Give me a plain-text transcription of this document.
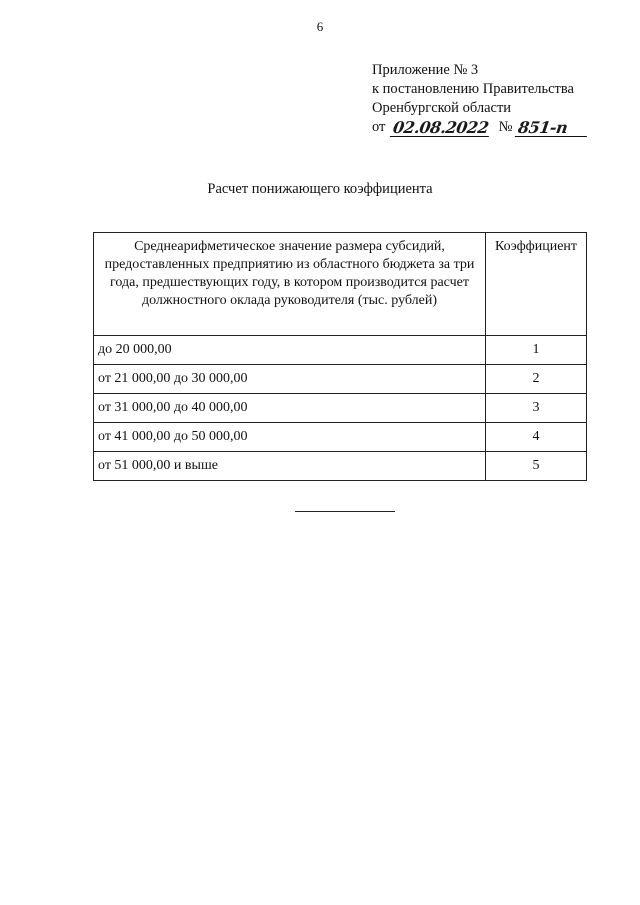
6
Приложение № 3
к постановлению Правительства
Оренбургской области
от 02.08.2022 № 851-п
Расчет понижающего коэффициента
Среднеарифметическое значение размера субсидий, предоставленных предприятию из областного бюджета за три года, предшествующих году, в котором производится расчет должностного оклада руководителя (тыс. рублей)	Коэффициент
до 20 000,00	1
от 21 000,00 до 30 000,00	2
от 31 000,00 до 40 000,00	3
от 41 000,00 до 50 000,00	4
от 51 000,00 и выше	5
